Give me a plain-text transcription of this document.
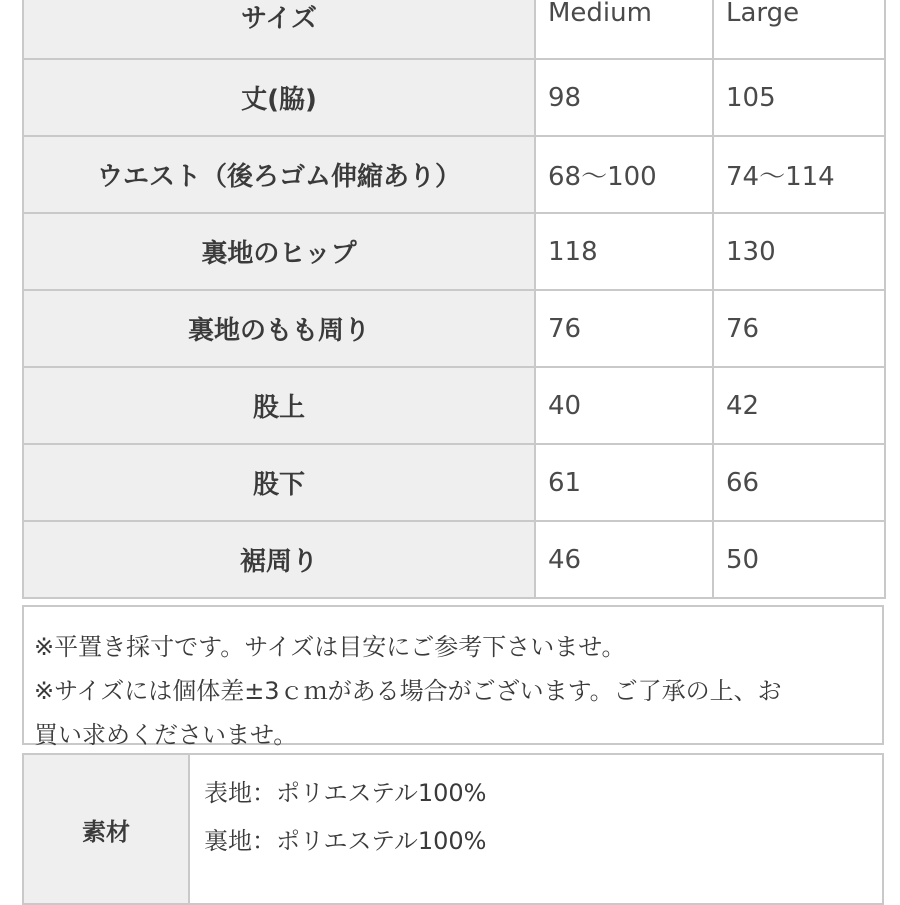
サイズ	Medium	Large
丈(脇)	98	105
ウエスト（後ろゴム伸縮あり）	68〜100	74〜114
裏地のヒップ	118	130
裏地のもも周り	76	76
股上	40	42
股下	61	66
裾周り	46	50

※平置き採寸です。サイズは目安にご参考下さいませ。

※サイズには個体差±3ｃｍがある場合がございます。ご了承の上、お

買い求めくださいませ。

素材	
表地：ポリエステル100%
裏地：ポリエステル100%
